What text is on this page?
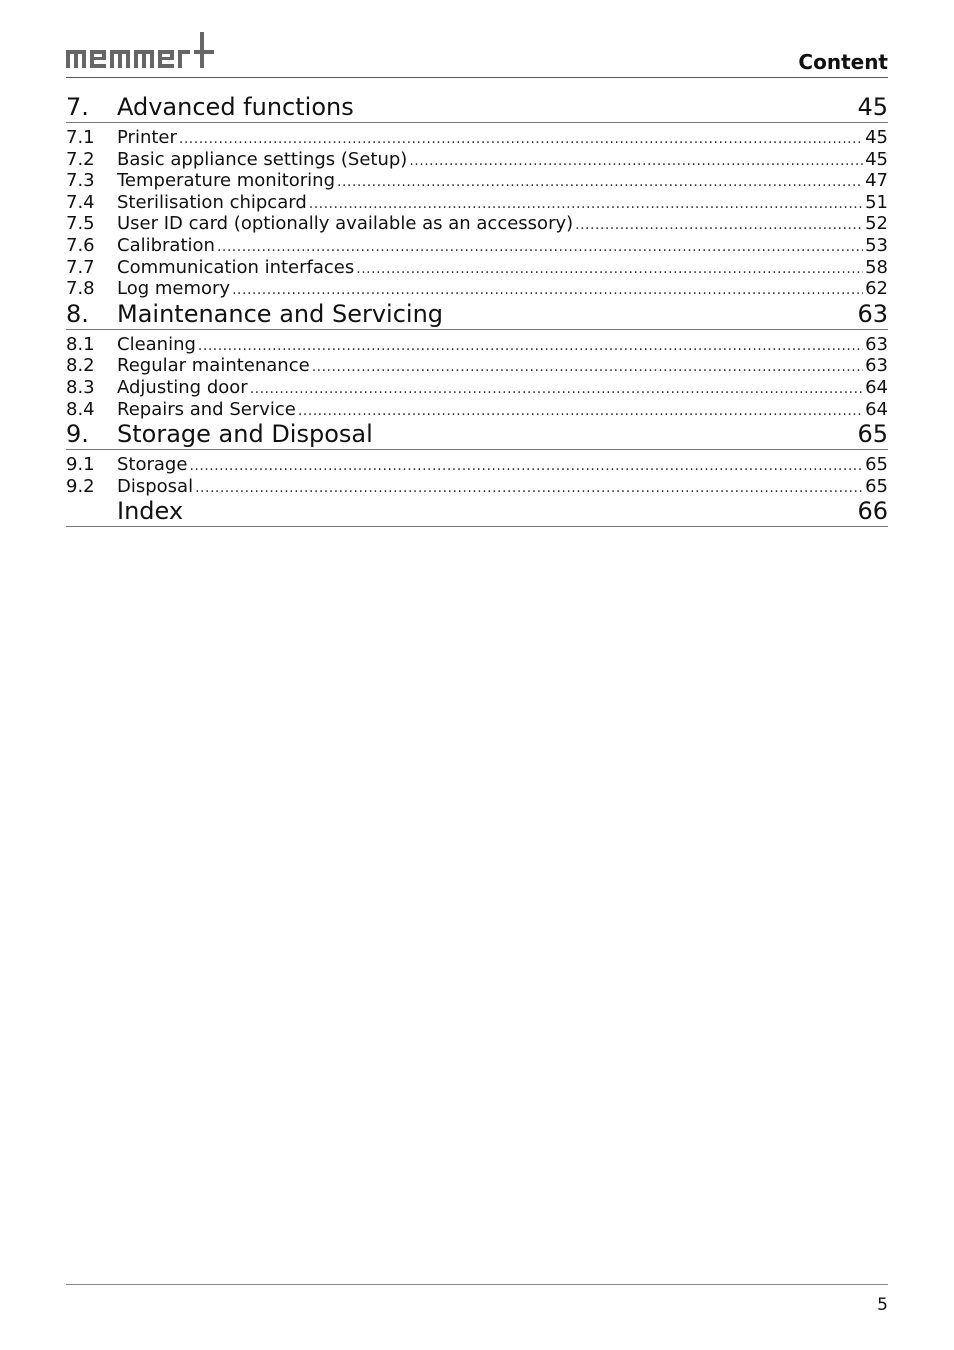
Content
7.	Advanced functions	45
7.1	Printer .....	45
7.2	Basic appliance settings (Setup) .....	45
7.3	Temperature monitoring .....	47
7.4	Sterilisation chipcard .....	51
7.5	User ID card (optionally available as an accessory) .....	52
7.6	Calibration .....	53
7.7	Communication interfaces .....	58
7.8	Log memory .....	62
8.	Maintenance and Servicing	63
8.1	Cleaning .....	63
8.2	Regular maintenance .....	63
8.3	Adjusting door .....	64
8.4	Repairs and Service .....	64
9.	Storage and Disposal	65
9.1	Storage .....	65
9.2	Disposal .....	65
Index	66
5
